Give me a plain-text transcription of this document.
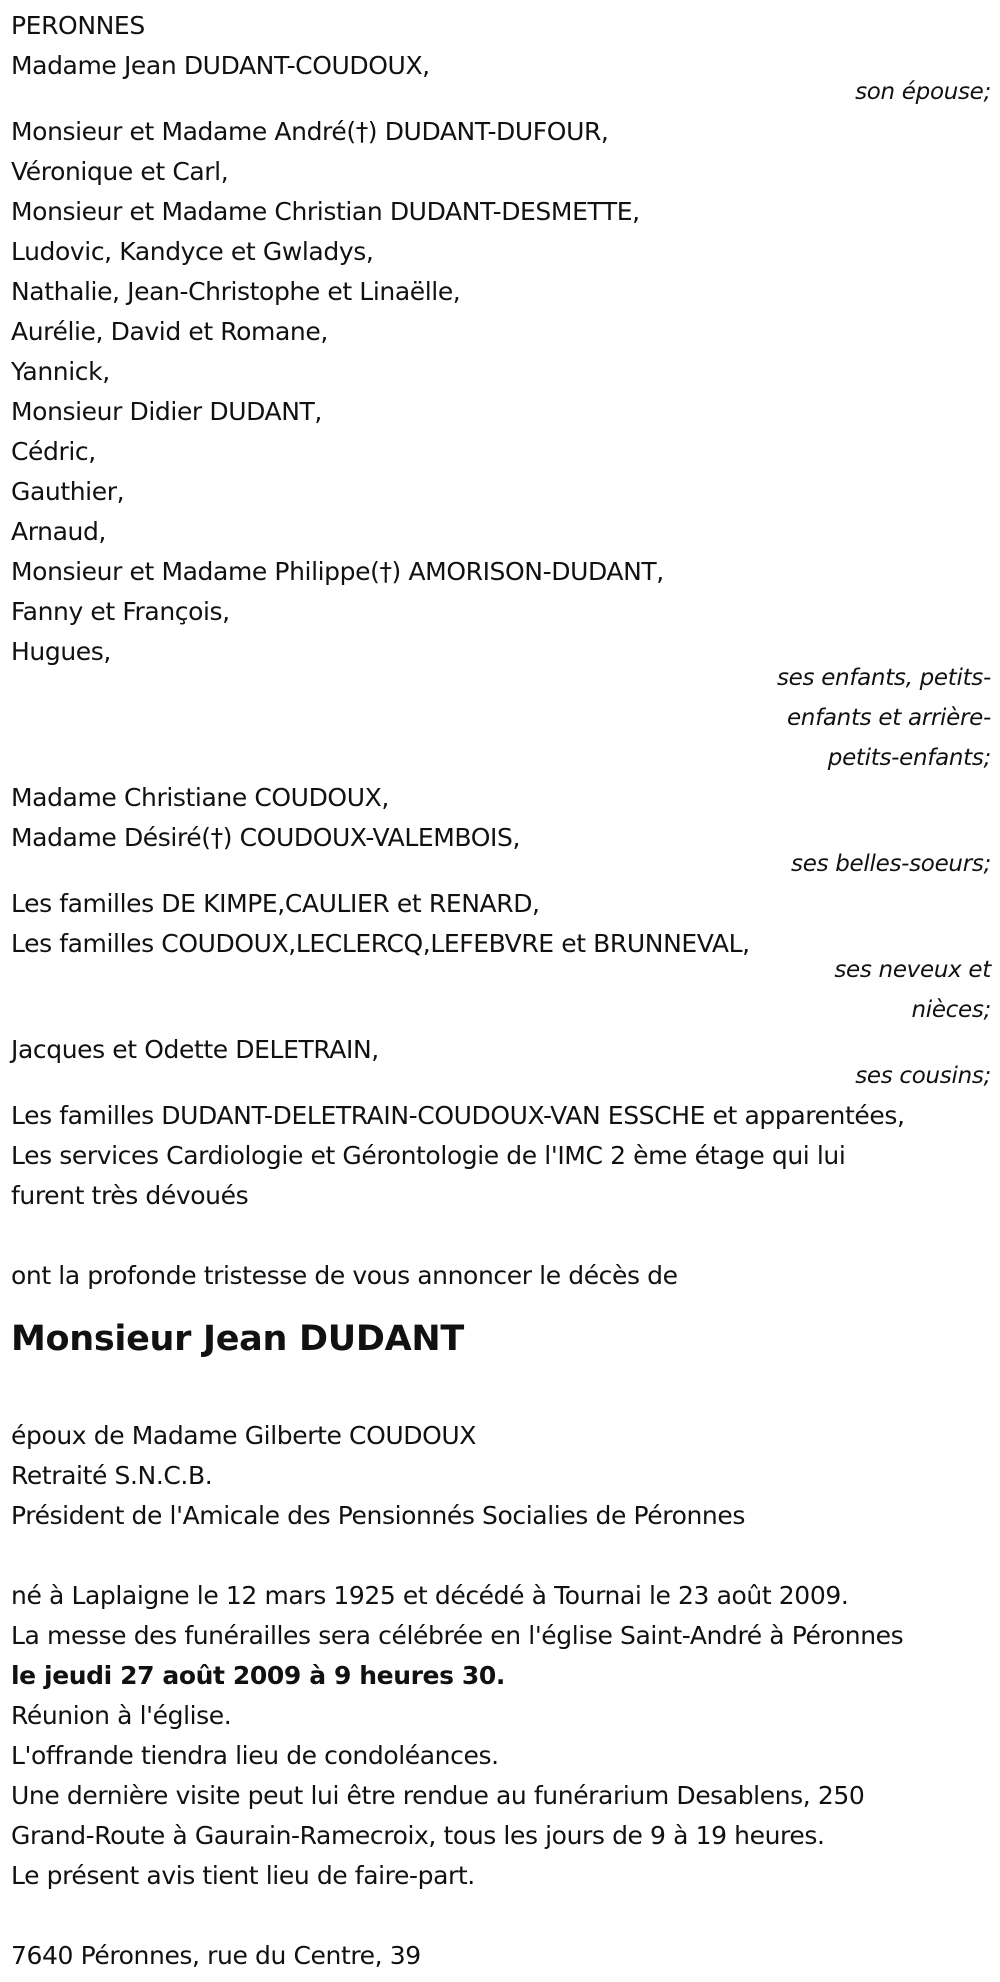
PERONNES
Madame Jean DUDANT-COUDOUX,
son épouse;
Monsieur et Madame André(†) DUDANT-DUFOUR,
Véronique et Carl,
Monsieur et Madame Christian DUDANT-DESMETTE,
Ludovic, Kandyce et Gwladys,
Nathalie, Jean-Christophe et Linaëlle,
Aurélie, David et Romane,
Yannick,
Monsieur Didier DUDANT,
Cédric,
Gauthier,
Arnaud,
Monsieur et Madame Philippe(†) AMORISON-DUDANT,
Fanny et François,
Hugues,
ses enfants, petits-
enfants et arrière-
petits-enfants;
Madame Christiane COUDOUX,
Madame Désiré(†) COUDOUX-VALEMBOIS,
ses belles-soeurs;
Les familles DE KIMPE,CAULIER et RENARD,
Les familles COUDOUX,LECLERCQ,LEFEBVRE et BRUNNEVAL,
ses neveux et
nièces;
Jacques et Odette DELETRAIN,
ses cousins;
Les familles DUDANT-DELETRAIN-COUDOUX-VAN ESSCHE et apparentées,
Les services Cardiologie et Gérontologie de l'IMC 2 ème étage qui lui
furent très dévoués
ont la profonde tristesse de vous annoncer le décès de
Monsieur Jean DUDANT
époux de Madame Gilberte COUDOUX
Retraité S.N.C.B.
Président de l'Amicale des Pensionnés Socialies de Péronnes
né à Laplaigne le 12 mars 1925 et décédé à Tournai le 23 août 2009.
La messe des funérailles sera célébrée en l'église Saint-André à Péronnes
le jeudi 27 août 2009 à 9 heures 30.
Réunion à l'église.
L'offrande tiendra lieu de condoléances.
Une dernière visite peut lui être rendue au funérarium Desablens, 250
Grand-Route à Gaurain-Ramecroix, tous les jours de 9 à 19 heures.
Le présent avis tient lieu de faire-part.
7640 Péronnes, rue du Centre, 39
